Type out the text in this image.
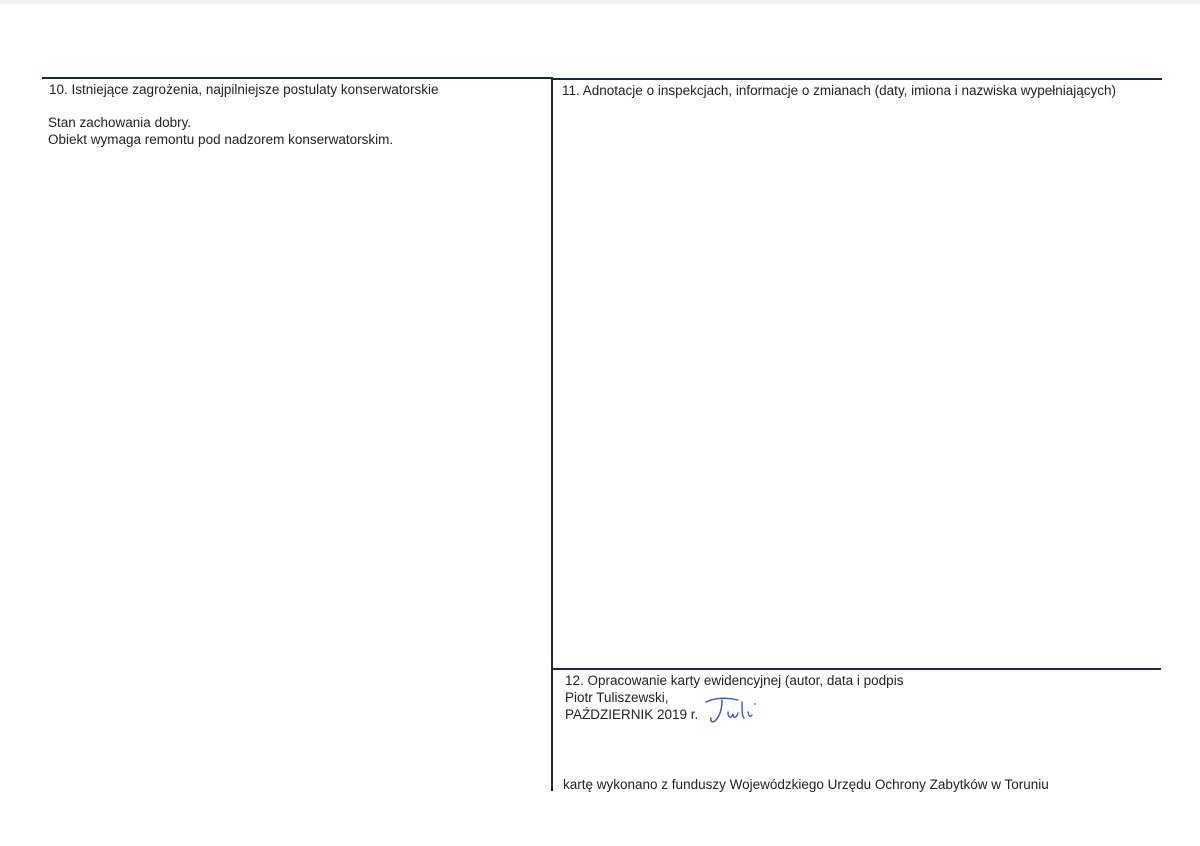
10. Istniejące zagrożenia, najpilniejsze postulaty konserwatorskie
Stan zachowania dobry.
Obiekt wymaga remontu pod nadzorem konserwatorskim.
11. Adnotacje o inspekcjach, informacje o zmianach (daty, imiona i nazwiska wypełniających)
12. Opracowanie karty ewidencyjnej (autor, data i podpis
Piotr Tuliszewski,
PAŹDZIERNIK 2019 r.
kartę wykonano z funduszy Wojewódzkiego Urzędu Ochrony Zabytków w Toruniu
